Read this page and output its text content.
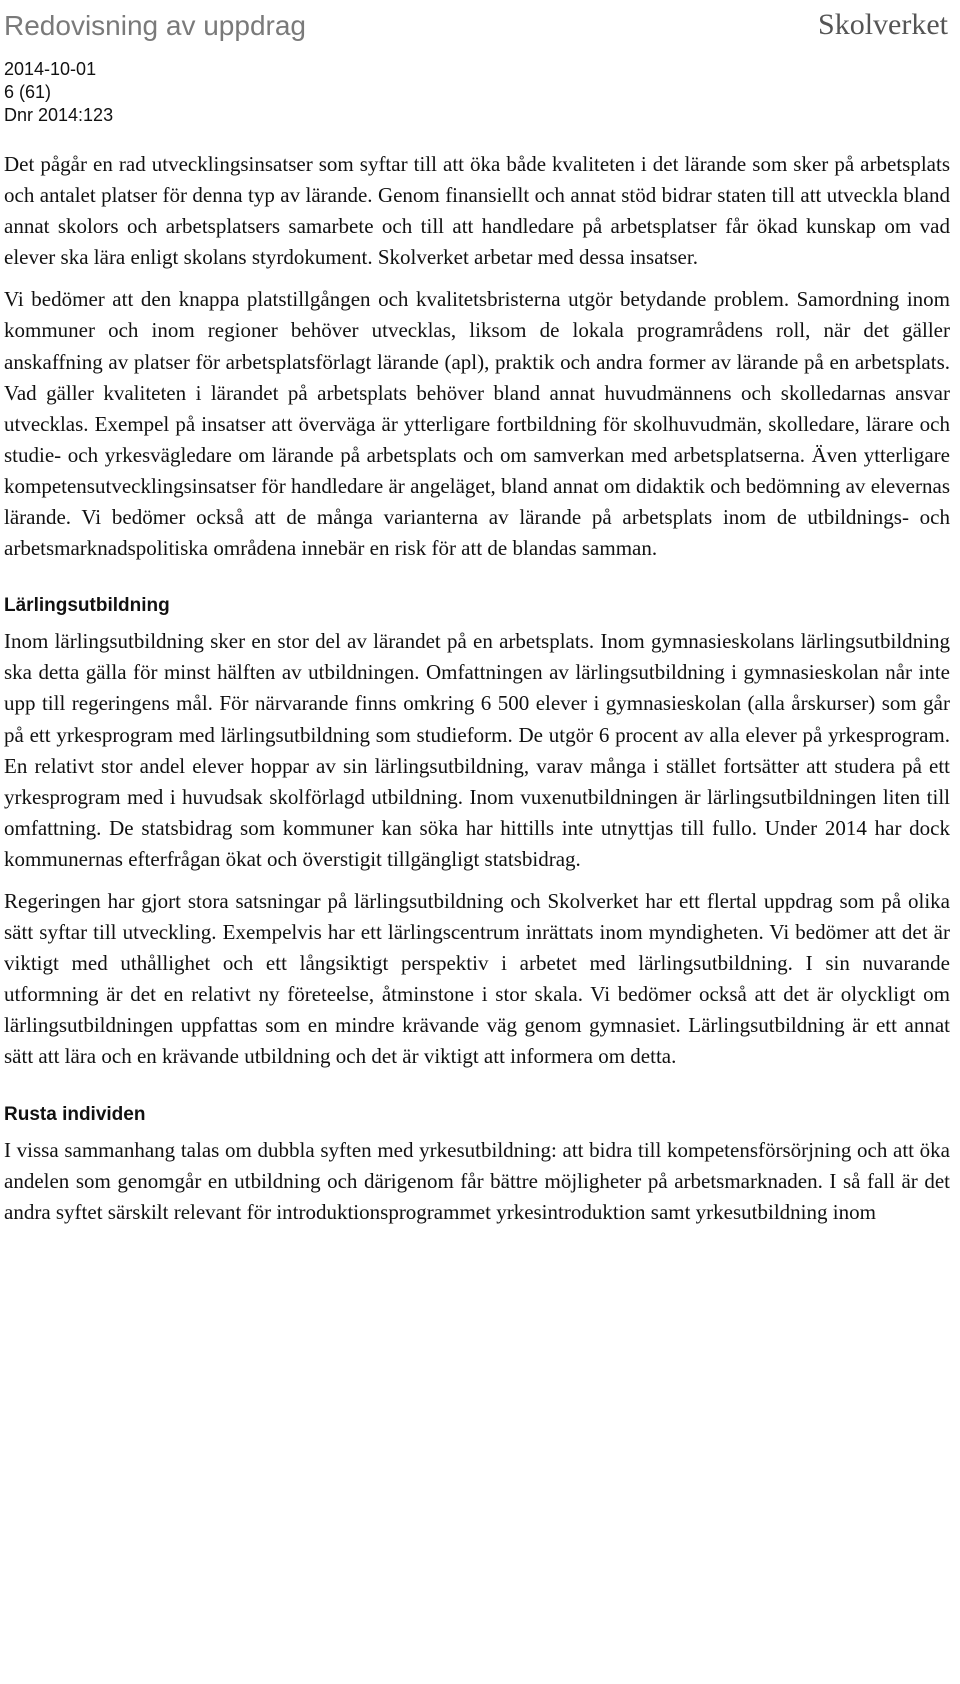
Redovisning av uppdrag	Skolverket
2014-10-01
6 (61)
Dnr 2014:123

Det pågår en rad utvecklingsinsatser som syftar till att öka både kvaliteten i det lärande som sker på arbetsplats och antalet platser för denna typ av lärande. Genom finansiellt och annat stöd bidrar staten till att utveckla bland annat skolors och arbetsplatsers samarbete och till att handledare på arbetsplatser får ökad kunskap om vad elever ska lära enligt skolans styrdokument. Skolverket arbetar med dessa insatser.

Vi bedömer att den knappa platstillgången och kvalitetsbristerna utgör betydande problem. Samordning inom kommuner och inom regioner behöver utvecklas, liksom de lokala programrådens roll, när det gäller anskaffning av platser för arbetsplatsförlagt lärande (apl), praktik och andra former av lärande på en arbetsplats. Vad gäller kvaliteten i lärandet på arbetsplats behöver bland annat huvudmännens och skolledarnas ansvar utvecklas. Exempel på insatser att överväga är ytterligare fortbildning för skolhuvudmän, skolledare, lärare och studie- och yrkesvägledare om lärande på arbetsplats och om samverkan med arbetsplatserna. Även ytterligare kompetensutvecklingsinsatser för handledare är angeläget, bland annat om didaktik och bedömning av elevernas lärande. Vi bedömer också att de många varianterna av lärande på arbetsplats inom de utbildnings- och arbetsmarknadspolitiska områdena innebär en risk för att de blandas samman.

Lärlingsutbildning

Inom lärlingsutbildning sker en stor del av lärandet på en arbetsplats. Inom gymnasieskolans lärlingsutbildning ska detta gälla för minst hälften av utbildningen. Omfattningen av lärlingsutbildning i gymnasieskolan når inte upp till regeringens mål. För närvarande finns omkring 6 500 elever i gymnasieskolan (alla årskurser) som går på ett yrkesprogram med lärlingsutbildning som studieform. De utgör 6 procent av alla elever på yrkesprogram. En relativt stor andel elever hoppar av sin lärlingsutbildning, varav många i stället fortsätter att studera på ett yrkesprogram med i huvudsak skolförlagd utbildning. Inom vuxenutbildningen är lärlingsutbildningen liten till omfattning. De statsbidrag som kommuner kan söka har hittills inte utnyttjas till fullo. Under 2014 har dock kommunernas efterfrågan ökat och överstigit tillgängligt statsbidrag.

Regeringen har gjort stora satsningar på lärlingsutbildning och Skolverket har ett flertal uppdrag som på olika sätt syftar till utveckling. Exempelvis har ett lärlingscentrum inrättats inom myndigheten. Vi bedömer att det är viktigt med uthållighet och ett långsiktigt perspektiv i arbetet med lärlingsutbildning. I sin nuvarande utformning är det en relativt ny företeelse, åtminstone i stor skala. Vi bedömer också att det är olyckligt om lärlingsutbildningen uppfattas som en mindre krävande väg genom gymnasiet. Lärlingsutbildning är ett annat sätt att lära och en krävande utbildning och det är viktigt att informera om detta.

Rusta individen

I vissa sammanhang talas om dubbla syften med yrkesutbildning: att bidra till kompetensförsörjning och att öka andelen som genomgår en utbildning och därigenom får bättre möjligheter på arbetsmarknaden. I så fall är det andra syftet särskilt relevant för introduktionsprogrammet yrkesintroduktion samt yrkesutbildning inom
